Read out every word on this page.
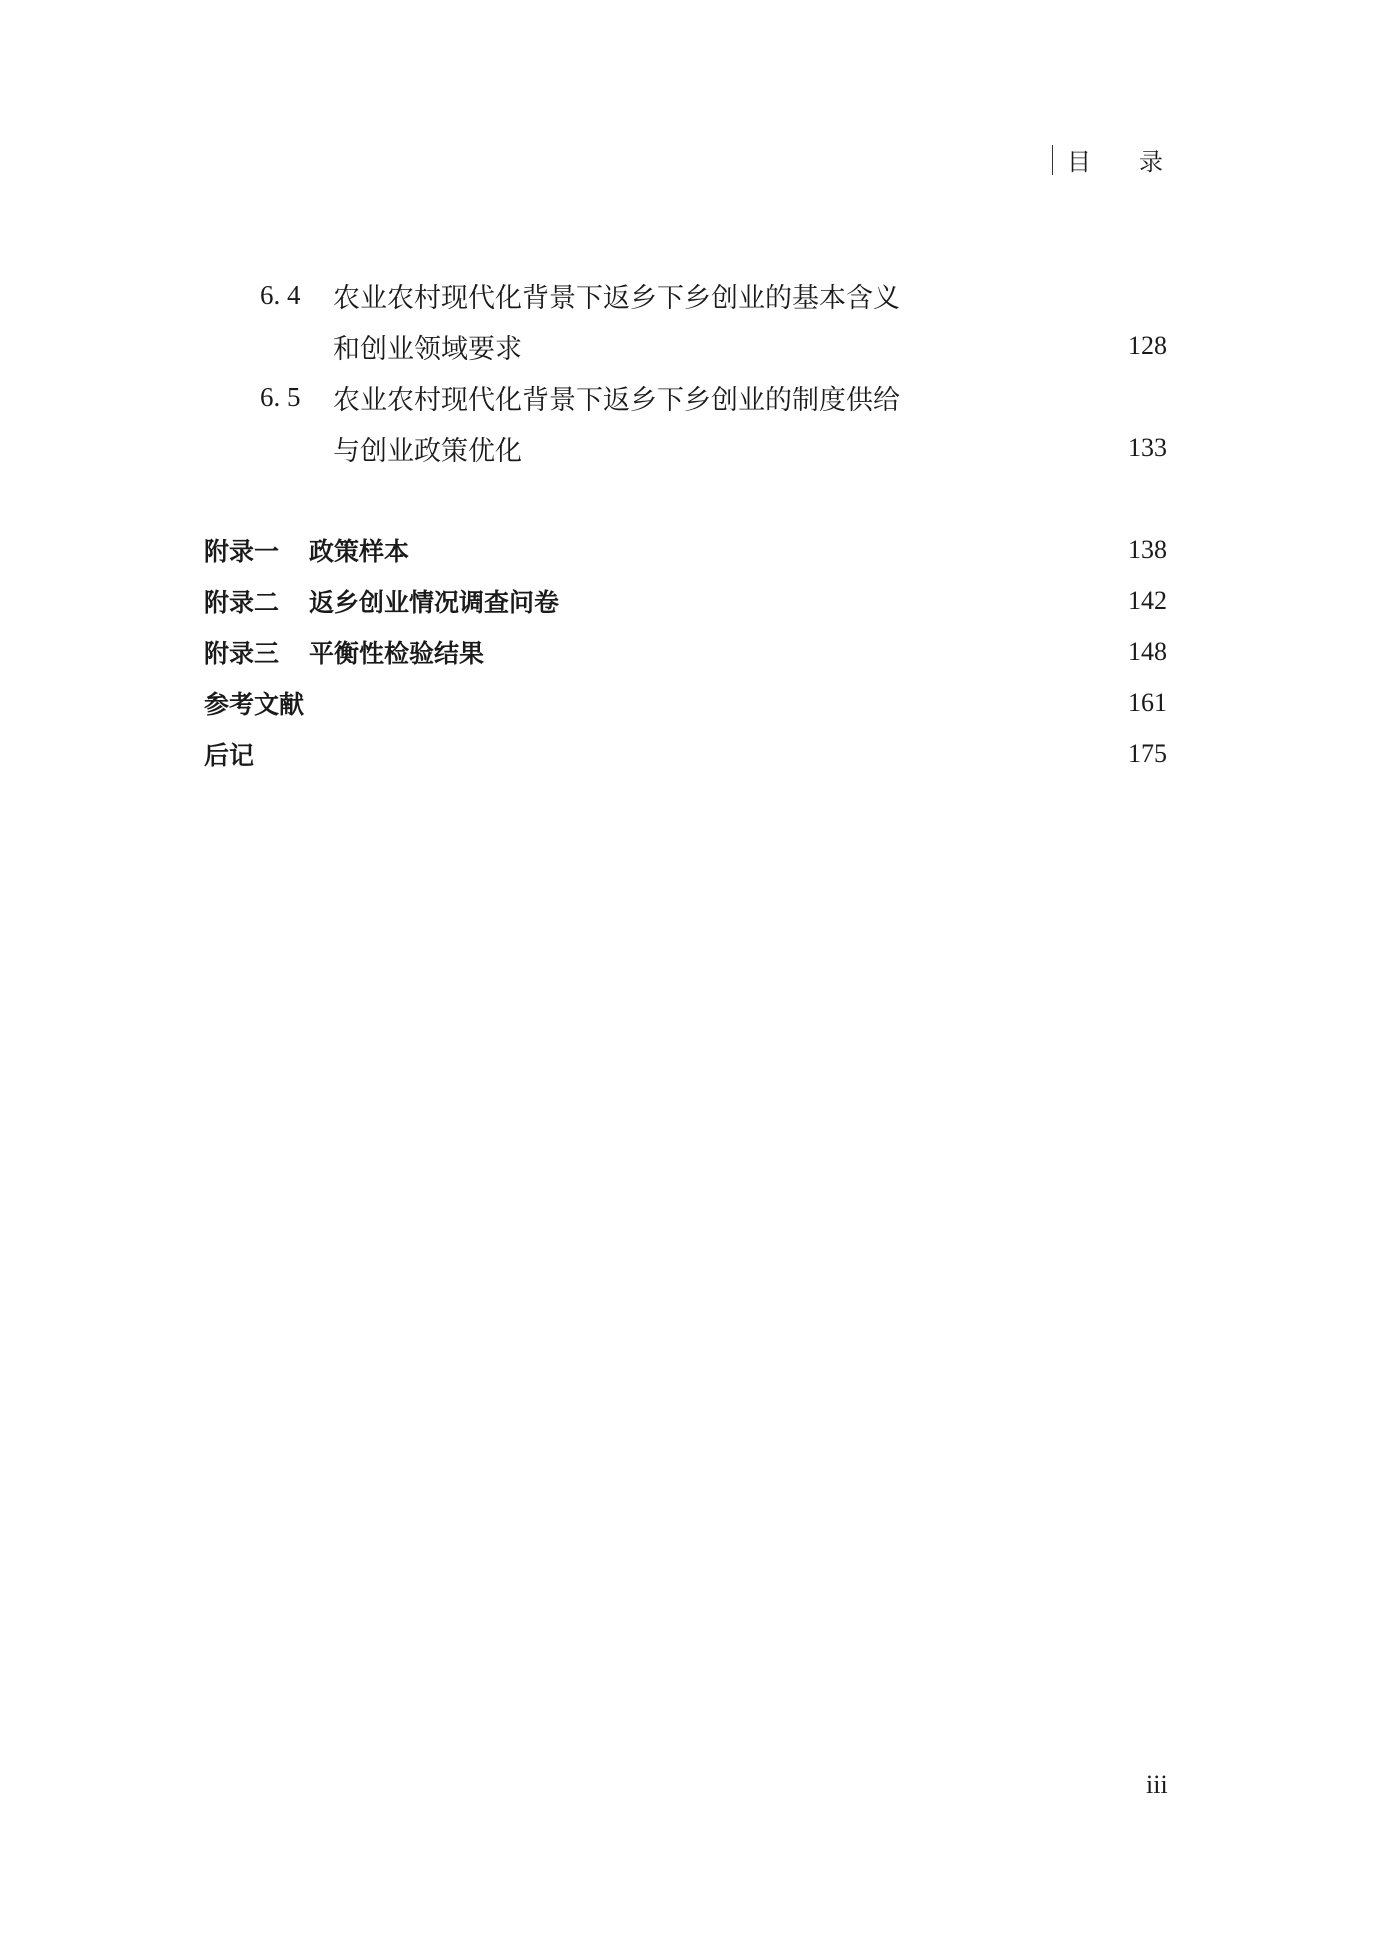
目 录
6. 4 农业农村现代化背景下返乡下乡创业的基本含义
和创业领域要求	128
6. 5 农业农村现代化背景下返乡下乡创业的制度供给
与创业政策优化	133
附录一 政策样本	138
附录二 返乡创业情况调查问卷	142
附录三 平衡性检验结果	148
参考文献	161
后记	175
iii
